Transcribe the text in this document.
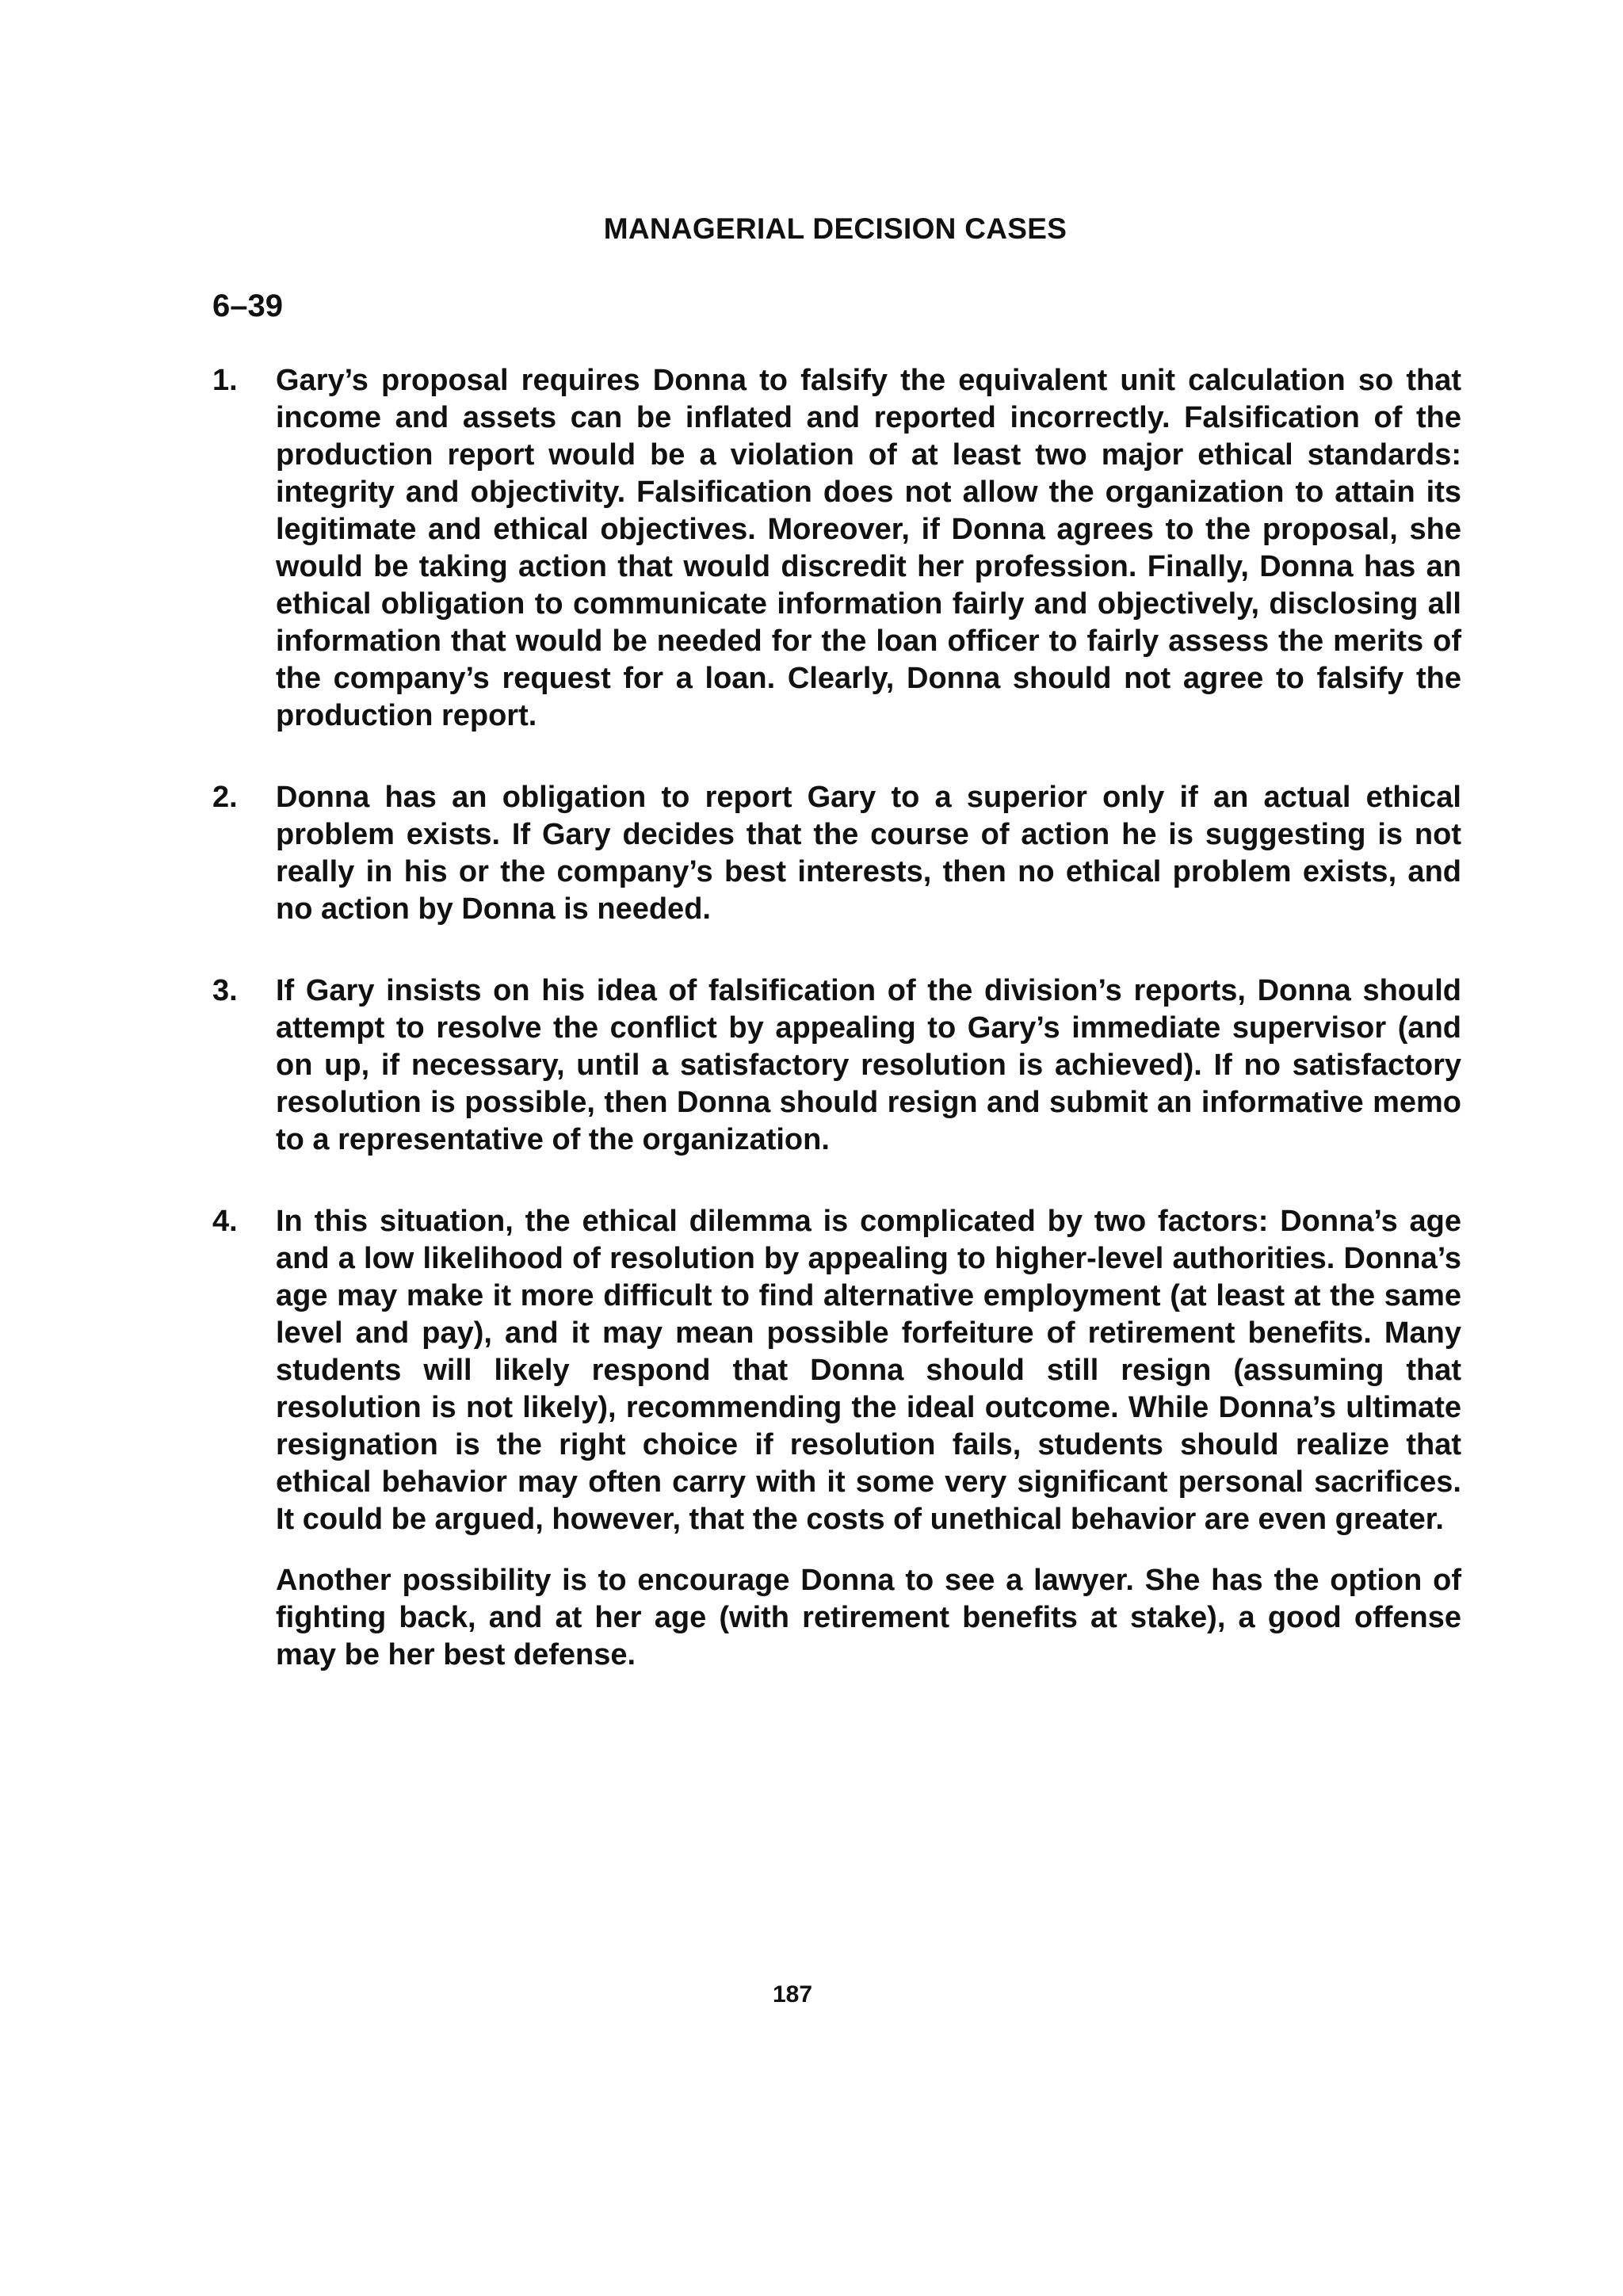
MANAGERIAL DECISION CASES
6–39
1. Gary’s proposal requires Donna to falsify the equivalent unit calculation so that income and assets can be inflated and reported incorrectly. Falsification of the production report would be a violation of at least two major ethical standards: integrity and objectivity. Falsification does not allow the organization to attain its legitimate and ethical objectives. Moreover, if Donna agrees to the proposal, she would be taking action that would discredit her profession. Finally, Donna has an ethical obligation to communicate information fairly and objectively, disclosing all information that would be needed for the loan officer to fairly assess the merits of the company’s request for a loan. Clearly, Donna should not agree to falsify the production report.

2. Donna has an obligation to report Gary to a superior only if an actual ethical problem exists. If Gary decides that the course of action he is suggesting is not really in his or the company’s best interests, then no ethical problem exists, and no action by Donna is needed.

3. If Gary insists on his idea of falsification of the division’s reports, Donna should attempt to resolve the conflict by appealing to Gary’s immediate supervisor (and on up, if necessary, until a satisfactory resolution is achieved). If no satisfactory resolution is possible, then Donna should resign and submit an informative memo to a representative of the organization.

4. In this situation, the ethical dilemma is complicated by two factors: Donna’s age and a low likelihood of resolution by appealing to higher-level authorities. Donna’s age may make it more difficult to find alternative employment (at least at the same level and pay), and it may mean possible forfeiture of retirement benefits. Many students will likely respond that Donna should still resign (assuming that resolution is not likely), recommending the ideal outcome. While Donna’s ultimate resignation is the right choice if resolution fails, students should realize that ethical behavior may often carry with it some very significant personal sacrifices. It could be argued, however, that the costs of unethical behavior are even greater.

Another possibility is to encourage Donna to see a lawyer. She has the option of fighting back, and at her age (with retirement benefits at stake), a good offense may be her best defense.

187
